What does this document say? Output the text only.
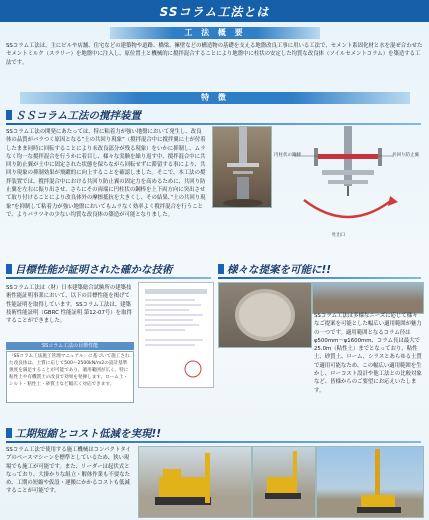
SSコラム工法とは
工 法 概 要
SSコラム工法は、主にビルや店舗、住宅などの建築物や道路、橋梁、擁壁などの構造物の基礎を支える地盤改良工事に用いる工法で、セメント系固化材と水を混ぜ合わせたセメントミルク（スラリー）を地盤中に注入し、原位置土と機械的に撹拌混合することにより地盤中に柱状の安定した均質な改良体（ソイルセメントコラム）を築造する工法です。
特 徴
ＳＳコラム工法の撹拌装置
SSコラム工法の開発にあたっては、特に粘着力が強い地盤において発生し、改良体の品質がバラつく原因となる”土の共回り現象”（撹拌混合中に撹拌翼に土が付着したまま同時に回転することにより未改良部分が残る現象）をいかに抑制し、ムラなく均一な撹拌混合を行うかに着目し、様々な実験を繰り返す中、撹拌混合中に共回り防止翼が土中に固定された状態を保ちながら回転せずに滞留する事により、共回り現象の抑制効果が飛躍的に向上することを確認しました。そこで、本工法の撹拌装置では、撹拌混合中における共回り防止翼の固定力を高めるために、共回り防止翼を左右に振り出させ、さらにその両端に円柱状の鋼棒を上下両方向に突出させて取り付けることにより改良体外の摩擦抵抗を大きくし、その結果、”土の共回り現象”を抑制して粘着力が強い地盤においてもムラなく効率よく撹拌混合を行うことで、よりバラツキの少ない均質な改良体の築造が可能となりました。
円柱状の鋼棒	共回り防止翼
吐出口
目標性能が証明された確かな技術
SSコラム工法は（財）日本建築総合試験所の建築技術性能証明事業において、以下の目標性能を掲げて性能証明を取得しています。SSコラム工法は、建築技術性能証明（GBRC 性能証明 第12-07号）を取得することができました。
SSコラム工法の目標性能
「SSコラム工法施工管理マニュアル」に基づいて施工された改良体は、土質に応じて500～2500kN/m2の設計基準強度を満足することが可能であり、適用範囲が広く、特に粘性土や有機質土の改良で効果を発揮します。ローム土・シルト・粘性土・砂質土など幅広く対応できます。
様々な提案を可能に!!
SSコラム工法は多様なニーズに応じて様々なご提案を可能とした幅広い適用範囲が魅力の一つです。適用範囲となるコラム径はφ500mm～φ1600mm、コラム長は最大で25.0m（粘性土）までとなっており、粘性土、砂質土、ローム、シラスとあらゆる土質で適用可能なため、この幅広い適用範囲を生かし、ローコスト設計や他工法との比較対象など、皆様からのご要望にお応えいたします。
工期短縮とコスト低減を実現!!
SSコラム工法で使用する施工機械はコンパクトタイプのベースマシーンを標準としているため、狭い現場でも施工が可能です。また、リーダーは起伏式となっており、大掛かりな組立・解体作業も不要なため、工期の短縮や仮設・運搬にかかるコストも低減することが可能です。
